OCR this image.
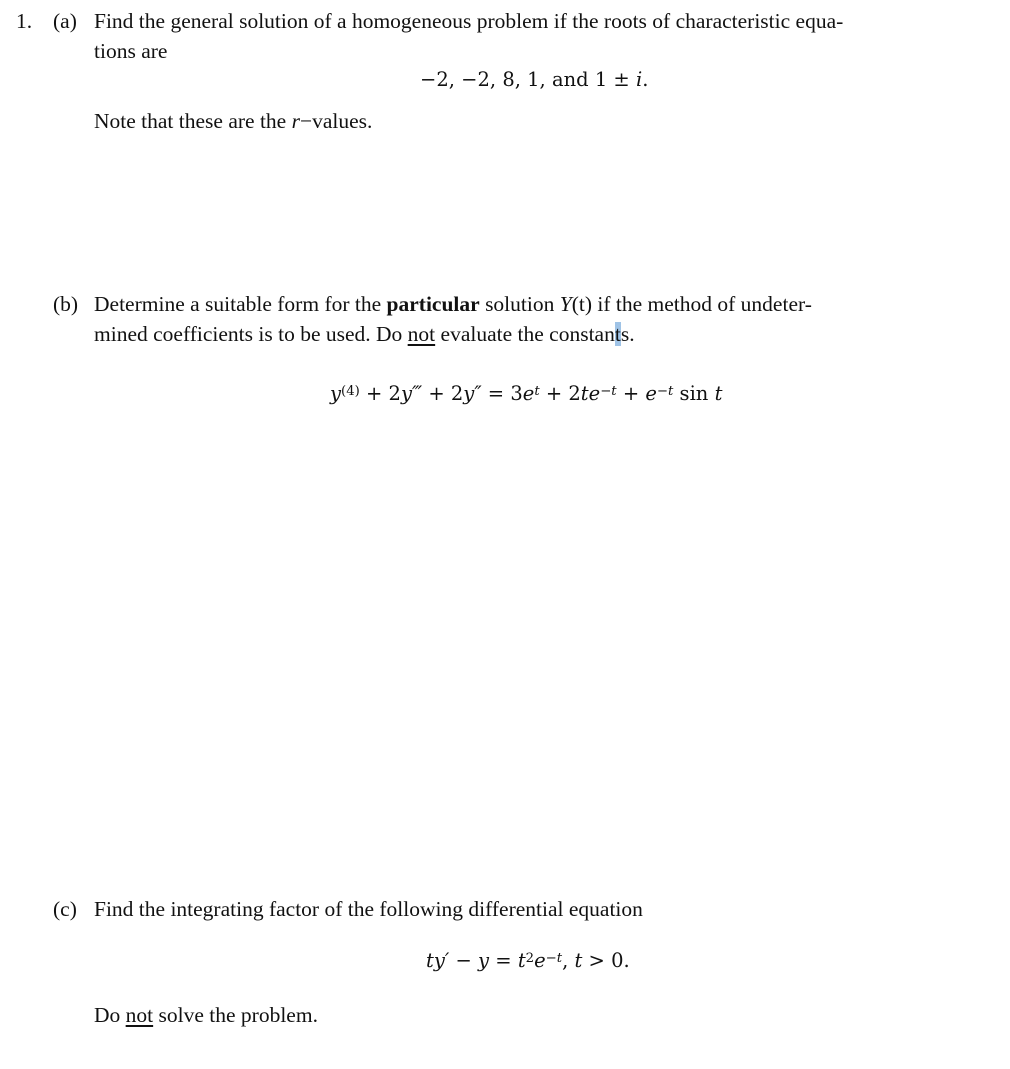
1. (a) Find the general solution of a homogeneous problem if the roots of characteristic equa-
tions are
−2, −2, 8, 1, and 1 ± i.
Note that these are the r−values.
(b) Determine a suitable form for the particular solution Y(t) if the method of undeter-
mined coefficients is to be used. Do not evaluate the constants.
$y^{(4)}$ + 2y‴ + $2y'' = 3e^t + 2te^{-t} + e^{-t}$ sin t
(c) Find the integrating factor of the following differential equation
$ty' - y = t^2e^{-t}$, t > 0.
Do not solve the problem.
